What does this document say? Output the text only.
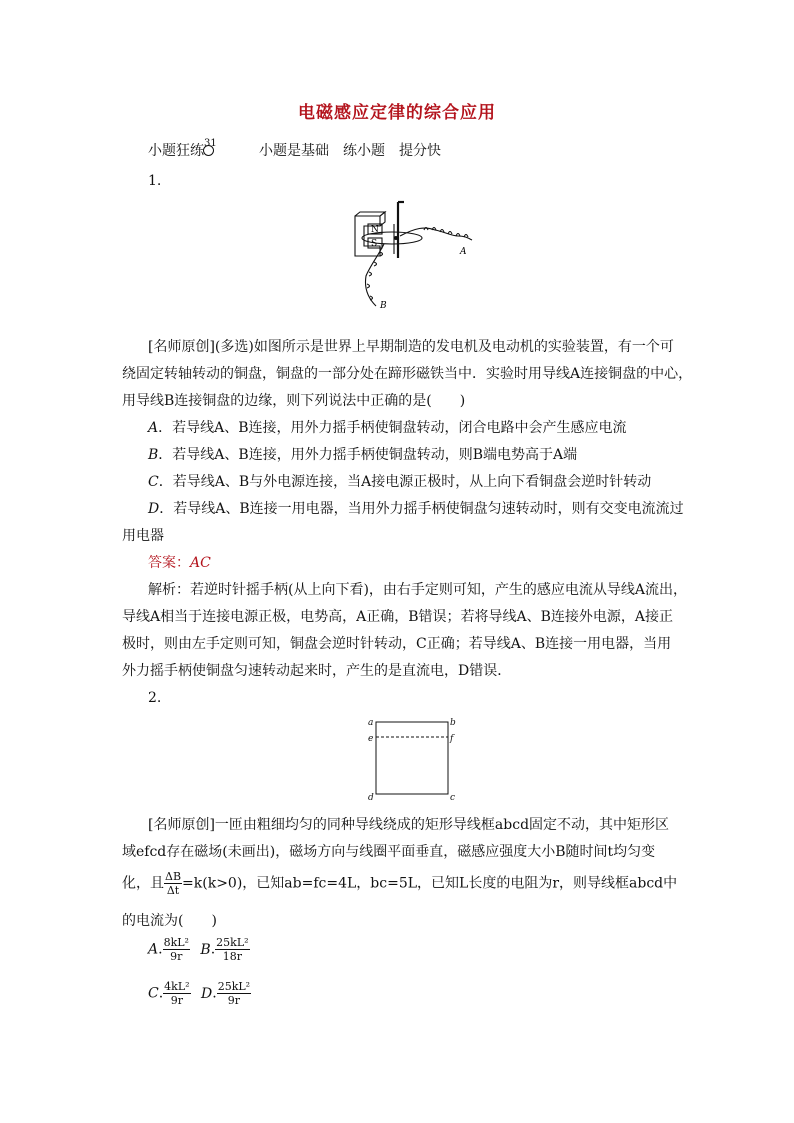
电磁感应定律的综合应用
小题狂练$^{31}$	小题是基础　练小题　提分快
1.
N
S
A
B
[名师原创](多选)如图所示是世界上早期制造的发电机及电动机的实验装置，有一个可
绕固定转轴转动的铜盘，铜盘的一部分处在蹄形磁铁当中．实验时用导线A连接铜盘的中心，
用导线B连接铜盘的边缘，则下列说法中正确的是(　　)
A．若导线A、B连接，用外力摇手柄使铜盘转动，闭合电路中会产生感应电流
B．若导线A、B连接，用外力摇手柄使铜盘转动，则B端电势高于A端
C．若导线A、B与外电源连接，当A接电源正极时，从上向下看铜盘会逆时针转动
D．若导线A、B连接一用电器，当用外力摇手柄使铜盘匀速转动时，则有交变电流流过
用电器
答案：AC
解析：若逆时针摇手柄(从上向下看)，由右手定则可知，产生的感应电流从导线A流出，
导线A相当于连接电源正极，电势高，A正确，B错误；若将导线A、B连接外电源，A接正
极时，则由左手定则可知，铜盘会逆时针转动，C正确；若导线A、B连接一用电器，当用
外力摇手柄使铜盘匀速转动起来时，产生的是直流电，D错误．
2.
a	b
e	f
d	c
[名师原创]一匝由粗细均匀的同种导线绕成的矩形导线框abcd固定不动，其中矩形区
域efcd存在磁场(未画出)，磁场方向与线圈平面垂直，磁感应强度大小B随时间t均匀变
化，且 $\frac{\Delta B}{\Delta t} =k(k>0)$，已知ab=fc=4L，bc=5L，已知L长度的电阻为r，则导线框abcd中
的电流为(　　)
A. $\frac{\text{8kL²}}{9r} B$. $\frac{\text{25kL²}}{18r}$
C. $\frac{\text{4kL²}}{9r} D$. $\frac{\text{25kL²}}{9r}$
